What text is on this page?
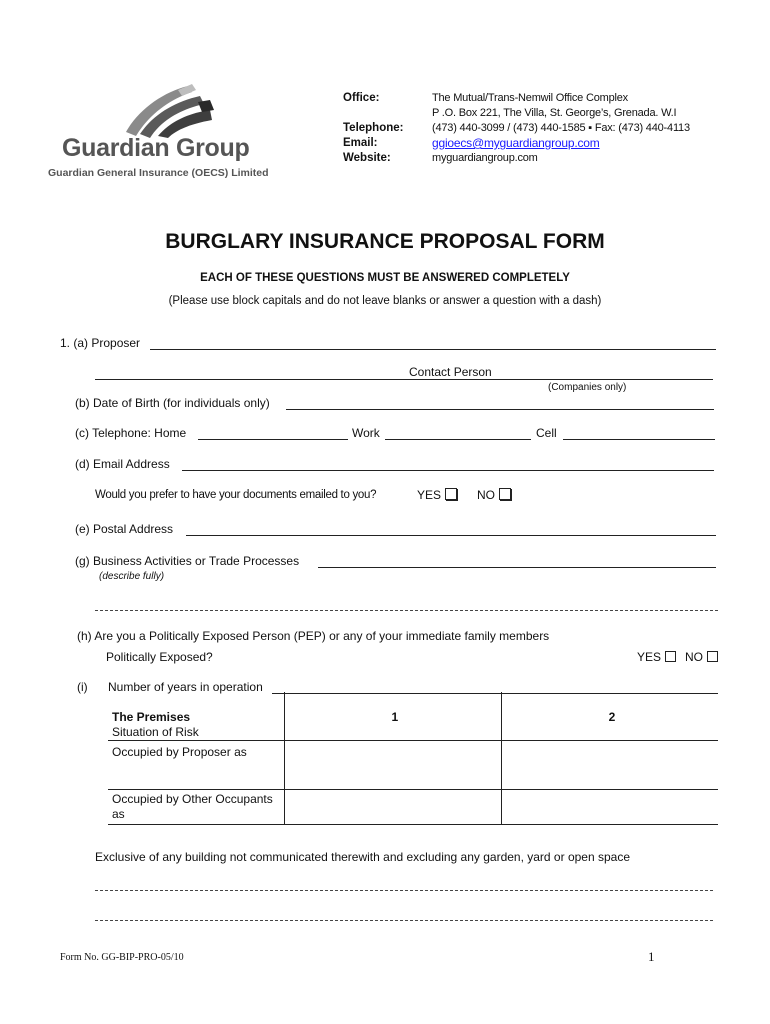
Guardian Group
Guardian General Insurance (OECS) Limited
Office:	The Mutual/Trans-Nemwil Office Complex
P .O. Box 221, The Villa, St. George’s, Grenada. W.I
Telephone:	(473) 440-3099 / (473) 440-1585 ▪ Fax: (473) 440-4113
Email:	ggioecs@myguardiangroup.com
Website:	myguardiangroup.com
BURGLARY INSURANCE PROPOSAL FORM
EACH OF THESE QUESTIONS MUST BE ANSWERED COMPLETELY
(Please use block capitals and do not leave blanks or answer a question with a dash)
1. (a) Proposer
Contact Person
(Companies only)
(b) Date of Birth (for individuals only)
(c) Telephone: Home	Work	Cell
(d) Email Address
Would you prefer to have your documents emailed to you?	YES	NO
(e) Postal Address
(g) Business Activities or Trade Processes
(describe fully)
(h) Are you a Politically Exposed Person (PEP) or any of your immediate family members
Politically Exposed?	YES	NO
(i) Number of years in operation
The Premises
Situation of Risk	1	2
Occupied by Proposer as		
Occupied by Other Occupants as		
Exclusive of any building not communicated therewith and excluding any garden, yard or open space
Form No. GG-BIP-PRO-05/10	1
